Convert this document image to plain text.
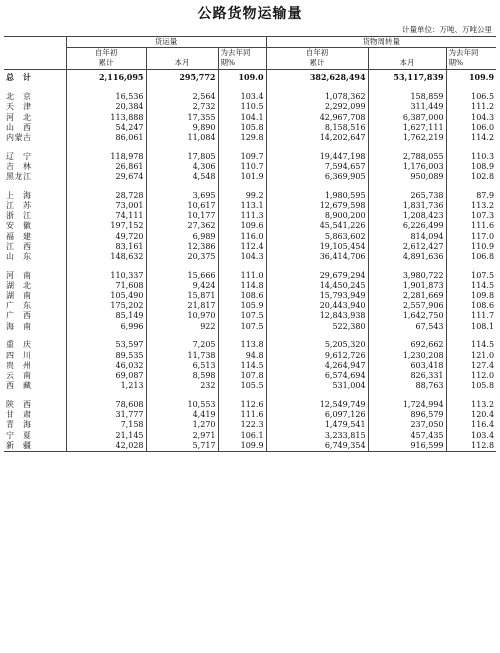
公路货物运输量
计量单位：万吨、万吨公里
	货运量			货物周转量		
	自年初		为去年同	自年初		为去年同
	累计	本月	期%	累计	本月	期%
总　计	2,116,095	295,772	109.0	382,628,494	53,117,839	109.9

北　京	16,536	2,564	103.4	1,078,362	158,859	106.5
天　津	20,384	2,732	110.5	2,292,099	311,449	111.2
河　北	113,888	17,355	104.1	42,967,708	6,387,000	104.3
山　西	54,247	9,890	105.8	8,158,516	1,627,111	106.0
内蒙古	86,061	11,084	129.8	14,202,647	1,762,219	114.2

辽　宁	118,978	17,805	109.7	19,447,198	2,788,055	110.3
吉　林	26,861	4,306	110.7	7,594,657	1,176,003	108.9
黑龙江	29,674	4,548	101.9	6,369,905	950,089	102.8

上　海	28,728	3,695	99.2	1,980,595	265,738	87.9
江　苏	73,001	10,617	113.1	12,679,598	1,831,736	113.2
浙　江	74,111	10,177	111.3	8,900,200	1,208,423	107.3
安　徽	197,152	27,362	109.6	45,541,226	6,226,499	111.6
福　建	49,720	6,989	116.0	5,863,602	814,094	117.0
江　西	83,161	12,386	112.4	19,105,454	2,612,427	110.9
山　东	148,632	20,375	104.3	36,414,706	4,891,636	106.8

河　南	110,337	15,666	111.0	29,679,294	3,980,722	107.5
湖　北	71,608	9,424	114.8	14,450,245	1,901,873	114.5
湖　南	105,490	15,871	108.6	15,793,949	2,281,669	109.8
广　东	175,202	21,817	105.9	20,443,940	2,557,906	108.6
广　西	85,149	10,970	107.5	12,843,938	1,642,750	111.7
海　南	6,996	922	107.5	522,380	67,543	108.1

重　庆	53,597	7,205	113.8	5,205,320	692,662	114.5
四　川	89,535	11,738	94.8	9,612,726	1,230,208	121.0
贵　州	46,032	6,513	114.5	4,264,947	603,418	127.4
云　南	69,087	8,598	107.8	6,574,694	826,331	112.0
西　藏	1,213	232	105.5	531,004	88,763	105.8

陕　西	78,608	10,553	112.6	12,549,749	1,724,994	113.2
甘　肃	31,777	4,419	111.6	6,097,126	896,579	120.4
青　海	7,158	1,270	122.3	1,479,541	237,050	116.4
宁　夏	21,145	2,971	106.1	3,233,815	457,435	103.4
新　疆	42,028	5,717	109.9	6,749,354	916,599	112.8
